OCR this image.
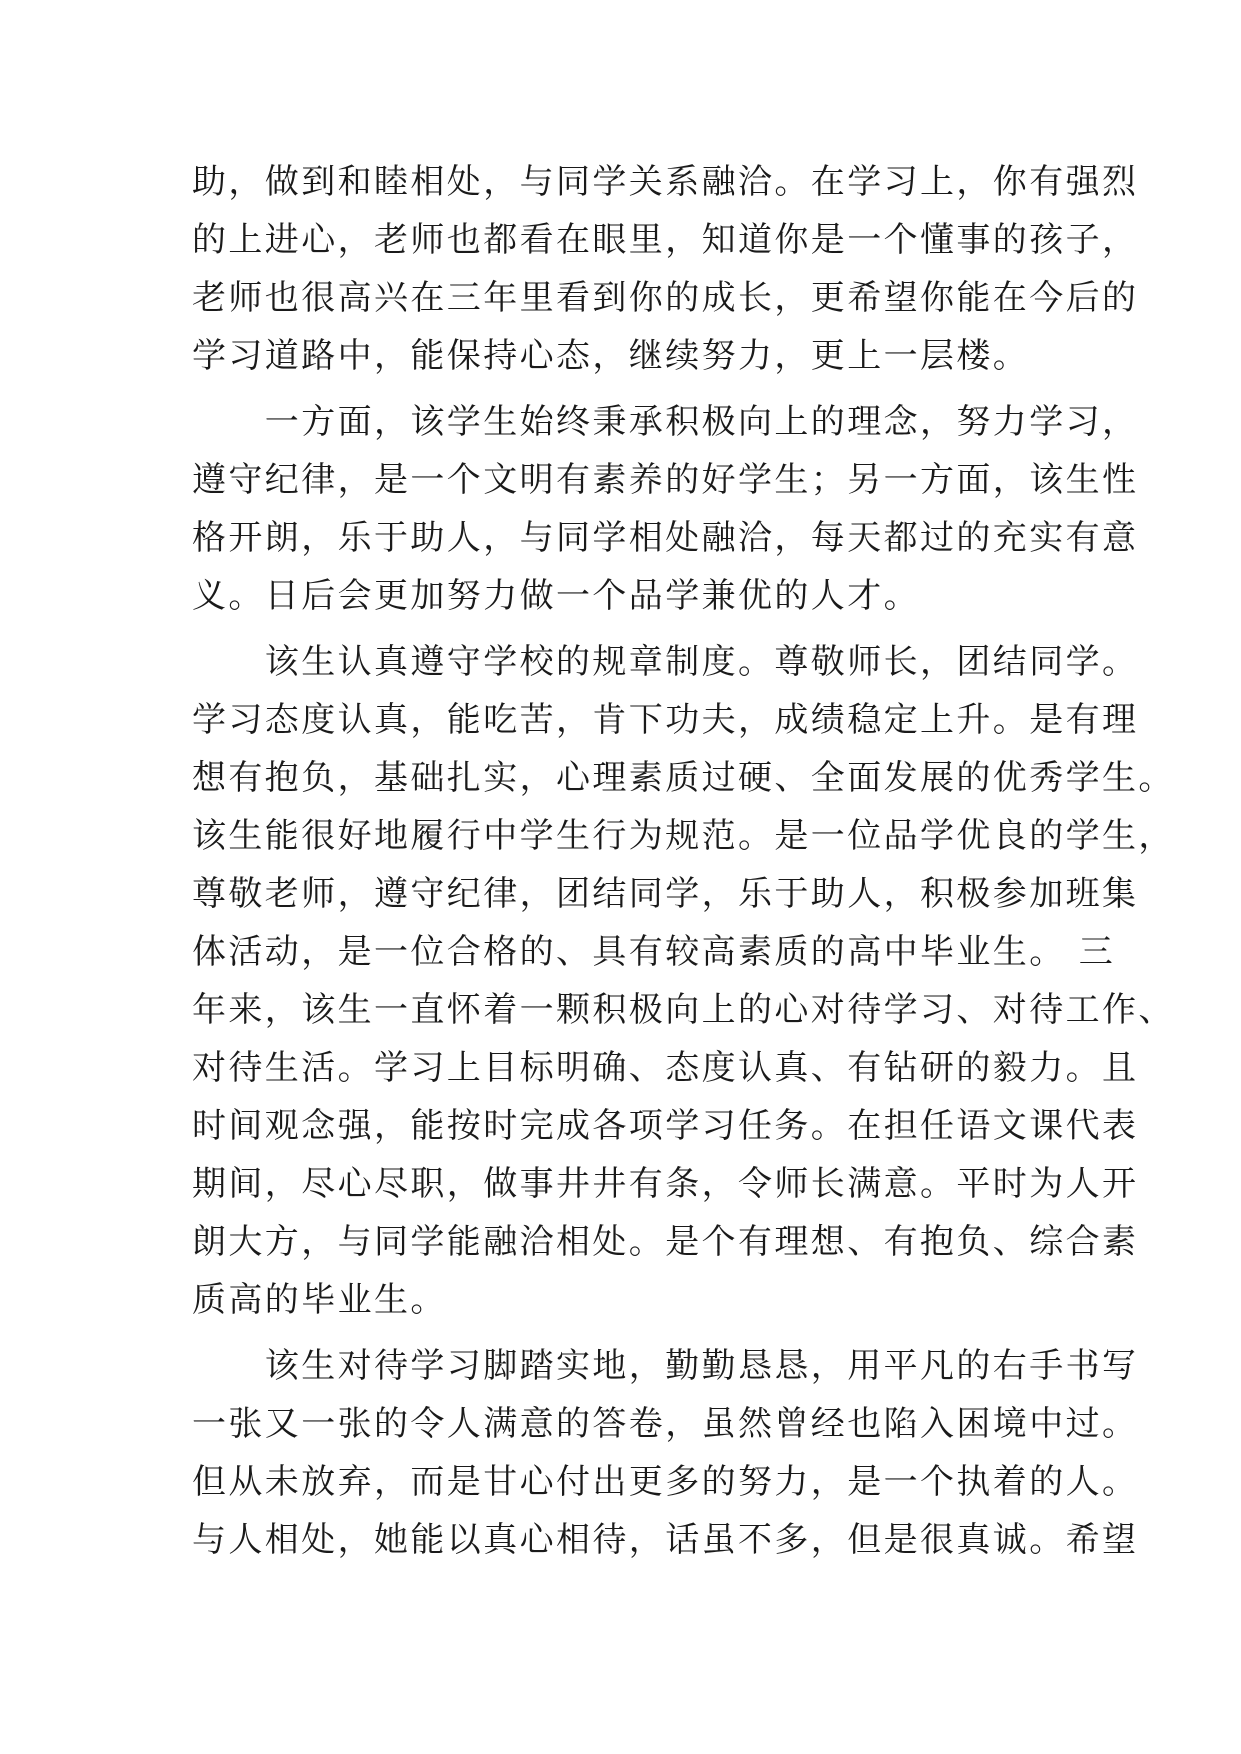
助，做到和睦相处，与同学关系融洽。在学习上，你有强烈
的上进心，老师也都看在眼里，知道你是一个懂事的孩子，
老师也很高兴在三年里看到你的成长，更希望你能在今后的
学习道路中，能保持心态，继续努力，更上一层楼。
　　一方面，该学生始终秉承积极向上的理念，努力学习，
遵守纪律，是一个文明有素养的好学生；另一方面，该生性
格开朗，乐于助人，与同学相处融洽，每天都过的充实有意
义。日后会更加努力做一个品学兼优的人才。
　　该生认真遵守学校的规章制度。尊敬师长，团结同学。
学习态度认真，能吃苦，肯下功夫，成绩稳定上升。是有理
想有抱负，基础扎实，心理素质过硬、全面发展的优秀学生。
该生能很好地履行中学生行为规范。是一位品学优良的学生，
尊敬老师，遵守纪律，团结同学，乐于助人，积极参加班集
体活动，是一位合格的、具有较高素质的高中毕业生。 三
年来，该生一直怀着一颗积极向上的心对待学习、对待工作、
对待生活。学习上目标明确、态度认真、有钻研的毅力。且
时间观念强，能按时完成各项学习任务。在担任语文课代表
期间，尽心尽职，做事井井有条，令师长满意。平时为人开
朗大方，与同学能融洽相处。是个有理想、有抱负、综合素
质高的毕业生。
　　该生对待学习脚踏实地，勤勤恳恳，用平凡的右手书写
一张又一张的令人满意的答卷，虽然曾经也陷入困境中过。
但从未放弃，而是甘心付出更多的努力，是一个执着的人。
与人相处，她能以真心相待，话虽不多，但是很真诚。希望
